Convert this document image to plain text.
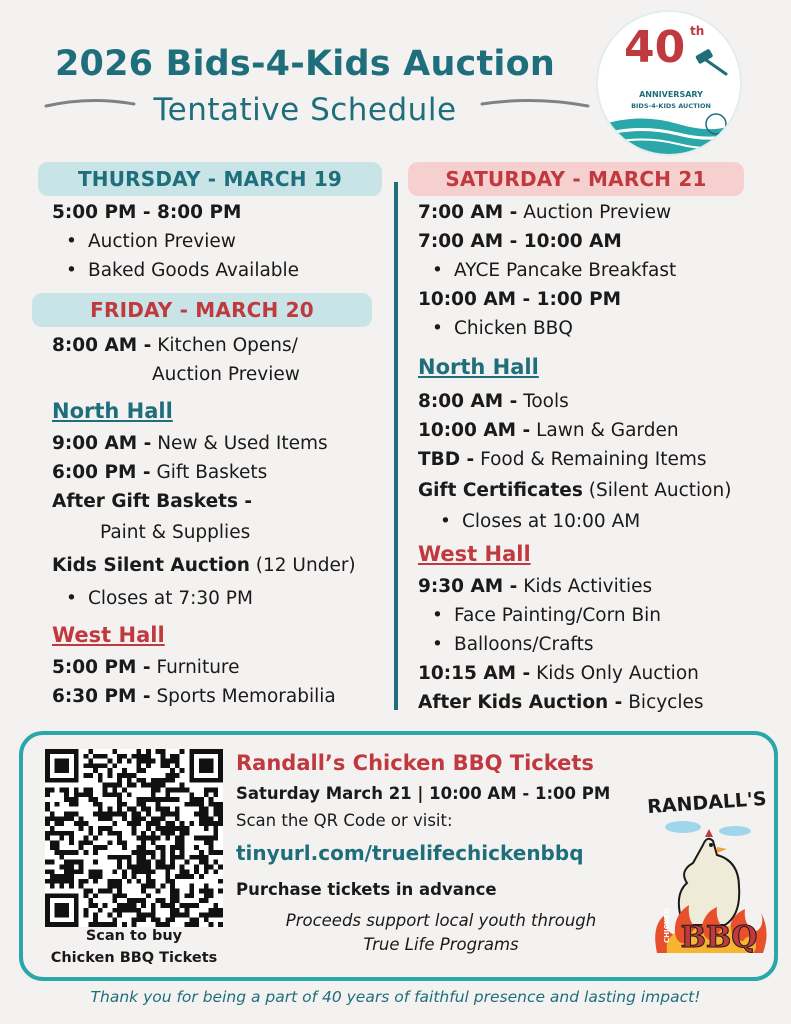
2026 Bids-4-Kids Auction
Tentative Schedule
40 th
ANNIVERSARY
BIDS-4-KIDS AUCTION
THURSDAY - MARCH 19
5:00 PM - 8:00 PM
• Auction Preview
• Baked Goods Available
FRIDAY - MARCH 20
8:00 AM - Kitchen Opens/
Auction Preview
North Hall
9:00 AM - New & Used Items
6:00 PM - Gift Baskets
After Gift Baskets -
Paint & Supplies
Kids Silent Auction (12 Under)
• Closes at 7:30 PM
West Hall
5:00 PM - Furniture
6:30 PM - Sports Memorabilia
SATURDAY - MARCH 21
7:00 AM - Auction Preview
7:00 AM - 10:00 AM
• AYCE Pancake Breakfast
10:00 AM - 1:00 PM
• Chicken BBQ
North Hall
8:00 AM - Tools
10:00 AM - Lawn & Garden
TBD - Food & Remaining Items
Gift Certificates (Silent Auction)
• Closes at 10:00 AM
West Hall
9:30 AM - Kids Activities
• Face Painting/Corn Bin
• Balloons/Crafts
10:15 AM - Kids Only Auction
After Kids Auction - Bicycles
Scan to buy
Chicken BBQ Tickets
Randall’s Chicken BBQ Tickets
Saturday March 21 | 10:00 AM - 1:00 PM
Scan the QR Code or visit:
tinyurl.com/truelifechickenbbq
Purchase tickets in advance
Proceeds support local youth through
True Life Programs
RANDALL'S
BBQ
CHICKEN
Thank you for being a part of 40 years of faithful presence and lasting impact!
